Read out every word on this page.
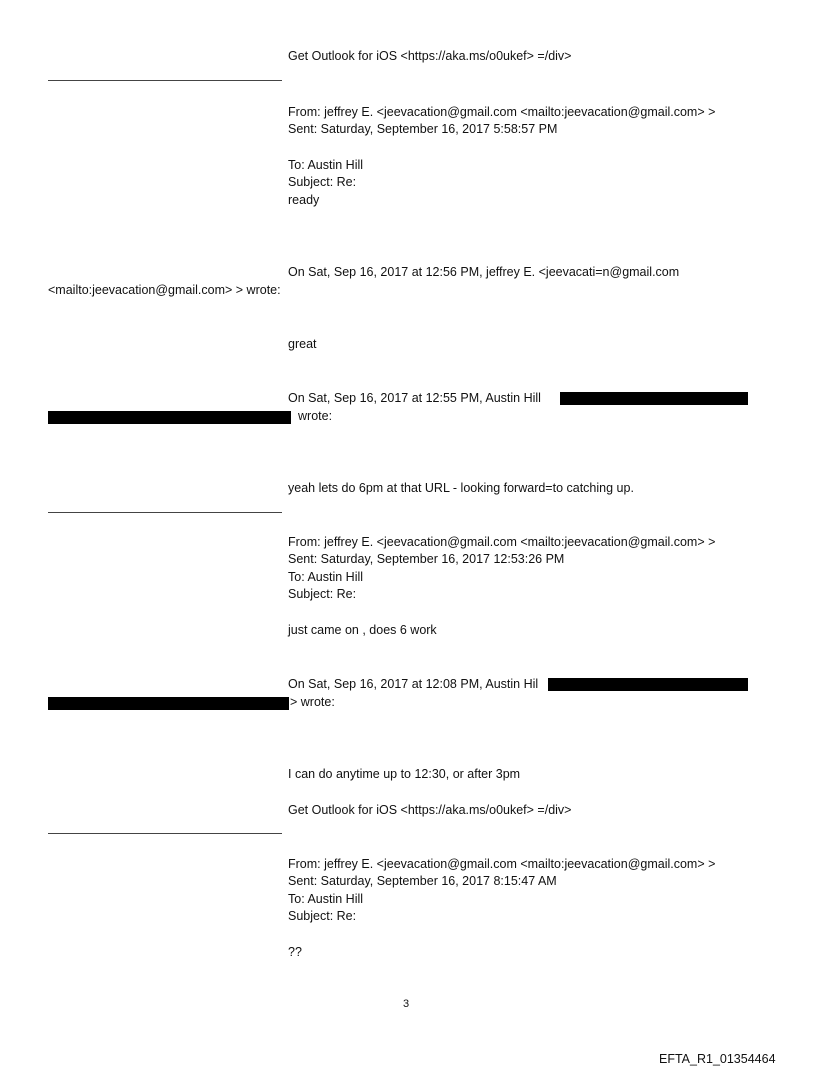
Get Outlook for iOS <https://aka.ms/o0ukef> =/div>
From: jeffrey E. <jeevacation@gmail.com <mailto:jeevacation@gmail.com> >
Sent: Saturday, September 16, 2017 5:58:57 PM
To: Austin Hill
Subject: Re:
ready
On Sat, Sep 16, 2017 at 12:56 PM, jeffrey E. <jeevacati=n@gmail.com
<mailto:jeevacation@gmail.com> > wrote:
great
On Sat, Sep 16, 2017 at 12:55 PM, Austin Hill
wrote:
yeah lets do 6pm at that URL - looking forward=to catching up.
From: jeffrey E. <jeevacation@gmail.com <mailto:jeevacation@gmail.com> >
Sent: Saturday, September 16, 2017 12:53:26 PM
To: Austin Hill
Subject: Re:
just came on , does 6 work
On Sat, Sep 16, 2017 at 12:08 PM, Austin Hil
> wrote:
I can do anytime up to 12:30, or after 3pm
Get Outlook for iOS <https://aka.ms/o0ukef> =/div>
From: jeffrey E. <jeevacation@gmail.com <mailto:jeevacation@gmail.com> >
Sent: Saturday, September 16, 2017 8:15:47 AM
To: Austin Hill
Subject: Re:
??
3
EFTA_R1_01354464
